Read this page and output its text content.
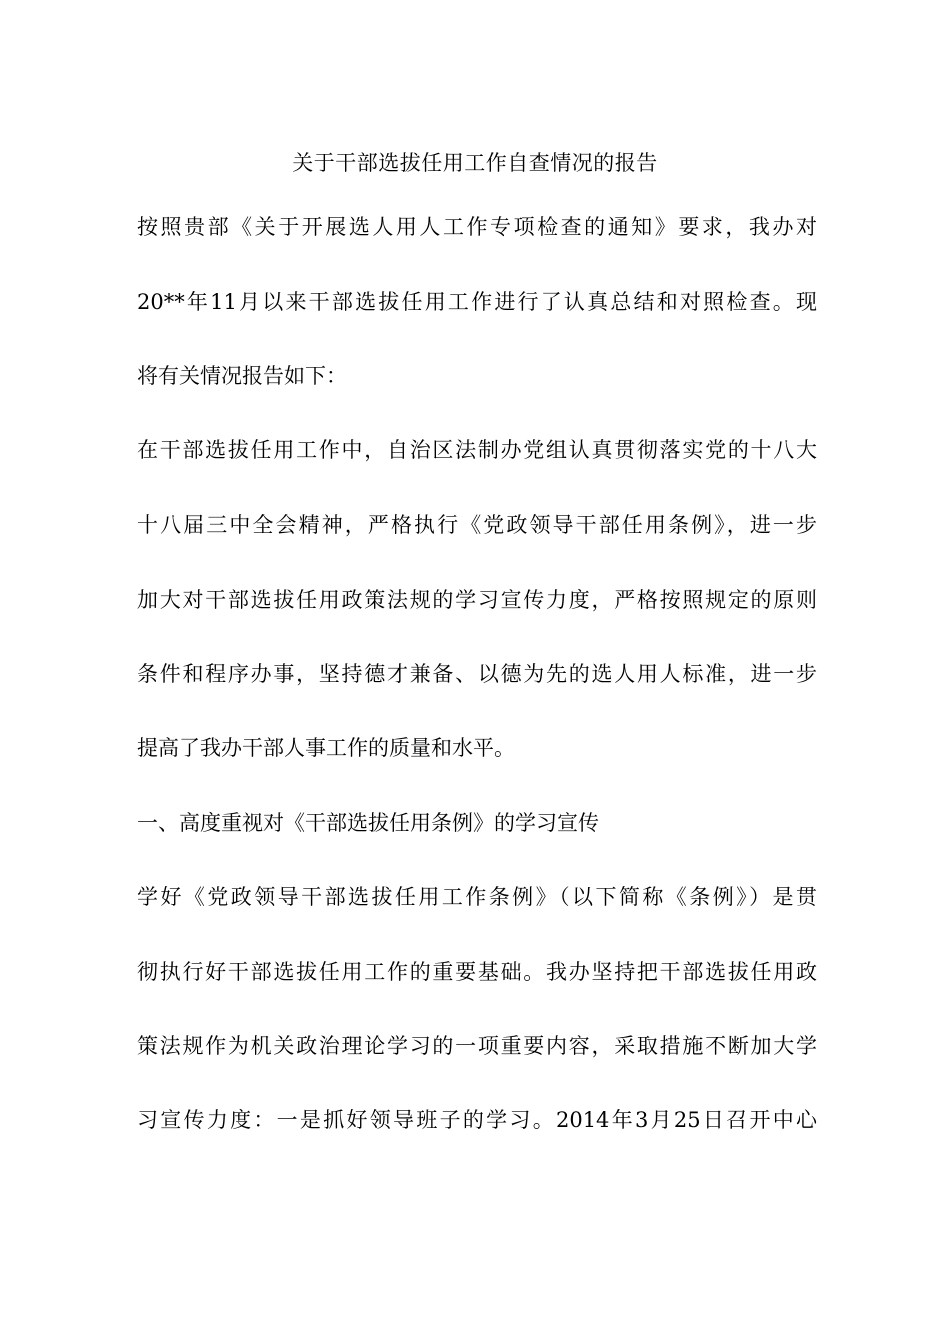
关于干部选拔任用工作自查情况的报告
按照贵部《关于开展选人用人工作专项检查的通知》要求，我办对
20**年11月以来干部选拔任用工作进行了认真总结和对照检查。现
将有关情况报告如下：
在干部选拔任用工作中，自治区法制办党组认真贯彻落实党的十八大
十八届三中全会精神，严格执行《党政领导干部任用条例》，进一步
加大对干部选拔任用政策法规的学习宣传力度，严格按照规定的原则
条件和程序办事，坚持德才兼备、以德为先的选人用人标准，进一步
提高了我办干部人事工作的质量和水平。
一、高度重视对《干部选拔任用条例》的学习宣传
学好《党政领导干部选拔任用工作条例》（以下简称《条例》）是贯
彻执行好干部选拔任用工作的重要基础。我办坚持把干部选拔任用政
策法规作为机关政治理论学习的一项重要内容，采取措施不断加大学
习宣传力度：一是抓好领导班子的学习。2014年3月25日召开中心
